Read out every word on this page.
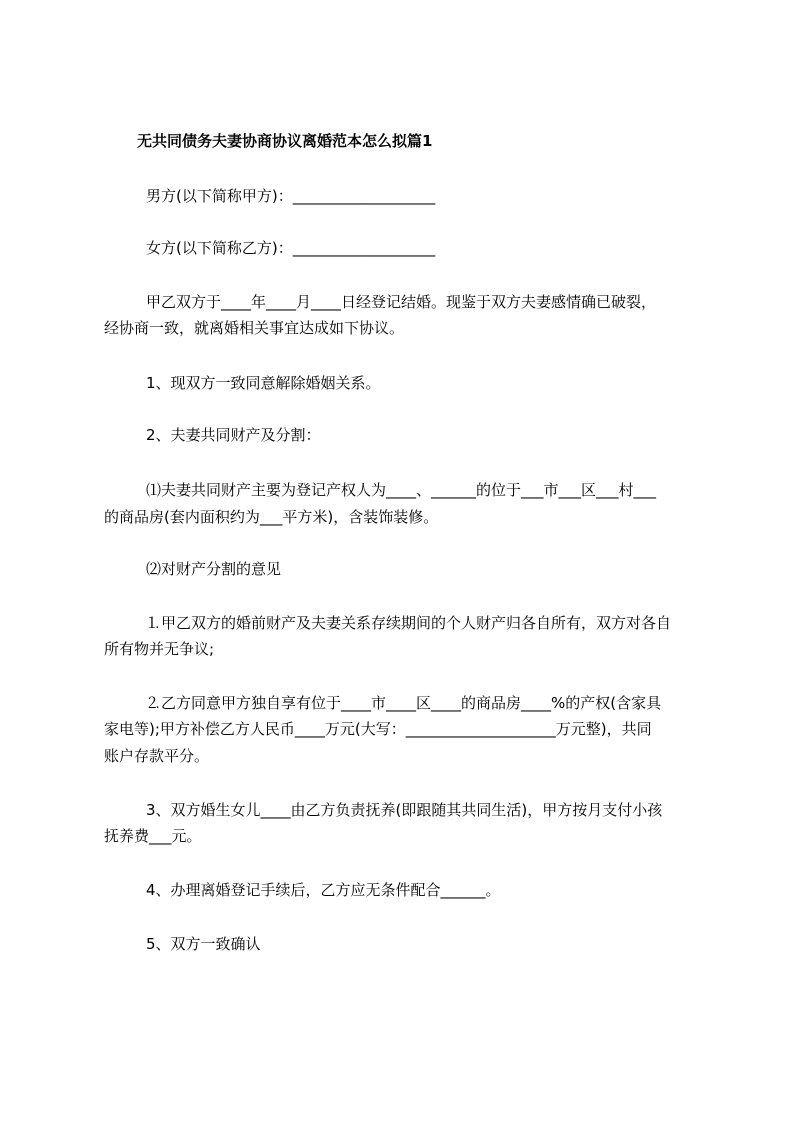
无共同债务夫妻协商协议离婚范本怎么拟篇1

男方(以下简称甲方)：___________________

女方(以下简称乙方)：___________________

甲乙双方于____年____月____日经登记结婚。现鉴于双方夫妻感情确已破裂，

经协商一致，就离婚相关事宜达成如下协议。

1、现双方一致同意解除婚姻关系。

2、夫妻共同财产及分割：

⑴夫妻共同财产主要为登记产权人为____、______的位于___市___区___村___

的商品房(套内面积约为___平方米)，含装饰装修。

⑵对财产分割的意见

⒈甲乙双方的婚前财产及夫妻关系存续期间的个人财产归各自所有，双方对各自

所有物并无争议;

⒉乙方同意甲方独自享有位于____市____区____的商品房____%的产权(含家具

家电等);甲方补偿乙方人民币____万元(大写：____________________万元整)，共同

账户存款平分。

3、双方婚生女儿____由乙方负责抚养(即跟随其共同生活)，甲方按月支付小孩

抚养费___元。

4、办理离婚登记手续后，乙方应无条件配合______。

5、双方一致确认
